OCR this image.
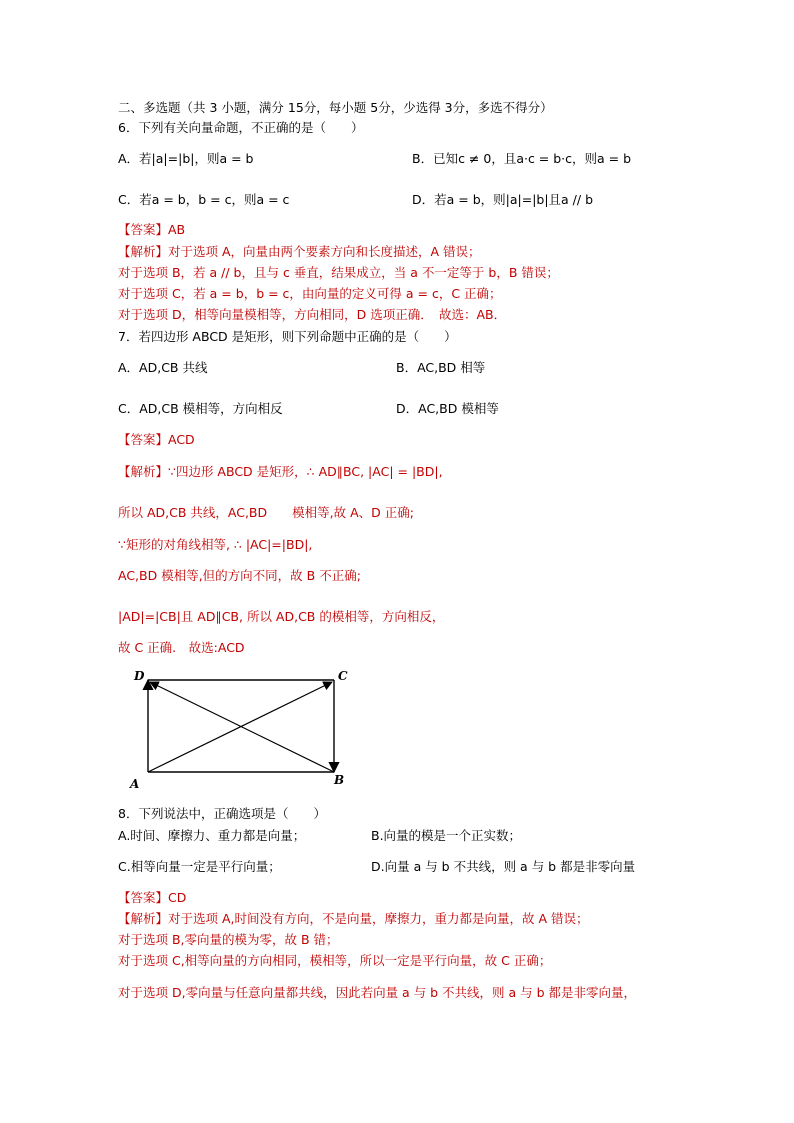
二、多选题（共 3 小题，满分 15分，每小题 5分，少选得 3分，多选不得分）
6．下列有关向量命题，不正确的是（　　）
A．若|a|=|b|，则a = b	B．已知c ≠ 0，且a·c = b·c，则a = b
C．若a = b，b = c，则a = c	D．若a = b，则|a|=|b|且a // b
【答案】AB
【解析】对于选项 A，向量由两个要素方向和长度描述，A 错误；
对于选项 B，若 a // b，且与 c 垂直，结果成立，当 a 不一定等于 b，B 错误；
对于选项 C，若 a = b，b = c，由向量的定义可得 a = c，C 正确；
对于选项 D，相等向量模相等，方向相同，D 选项正确．　故选：AB．
7．若四边形 ABCD 是矩形，则下列命题中正确的是（　　）
A．AD,CB 共线	B．AC,BD 相等
C．AD,CB 模相等，方向相反	D．AC,BD 模相等
【答案】ACD
【解析】∵四边形 ABCD 是矩形，∴ AD∥BC, |AC| = |BD|,
所以 AD,CB 共线，AC,BD　　模相等,故 A、D 正确;
∵矩形的对角线相等, ∴ |AC|=|BD|,
AC,BD 模相等,但的方向不同，故 B 不正确;
|AD|=|CB|且 AD∥CB, 所以 AD,CB 的模相等，方向相反，
故 C 正确.　故选:ACD
D	C
A	B
8．下列说法中，正确选项是（　　）
A.时间、摩擦力、重力都是向量；	B.向量的模是一个正实数；
C.相等向量一定是平行向量；	D.向量 a 与 b 不共线，则 a 与 b 都是非零向量
【答案】CD
【解析】对于选项 A,时间没有方向，不是向量，摩擦力，重力都是向量，故 A 错误；
对于选项 B,零向量的模为零，故 B 错；
对于选项 C,相等向量的方向相同，模相等，所以一定是平行向量，故 C 正确；
对于选项 D,零向量与任意向量都共线，因此若向量 a 与 b 不共线，则 a 与 b 都是非零向量，
